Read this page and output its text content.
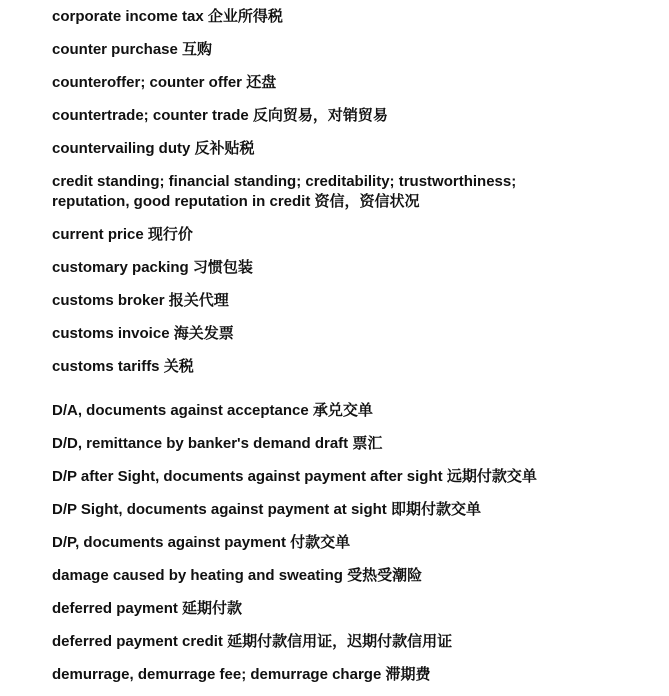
corporate income tax 企业所得税

counter purchase 互购

counteroffer; counter offer 还盘

countertrade; counter trade 反向贸易，对销贸易

countervailing duty 反补贴税

credit standing; financial standing; creditability; trustworthiness; reputation, good reputation in credit 资信，资信状况

current price 现行价

customary packing 习惯包装

customs broker 报关代理

customs invoice 海关发票

customs tariffs 关税

D/A, documents against acceptance 承兑交单

D/D, remittance by banker's demand draft 票汇

D/P after Sight, documents against payment after sight 远期付款交单

D/P Sight, documents against payment at sight 即期付款交单

D/P, documents against payment 付款交单

damage caused by heating and sweating 受热受潮险

deferred payment 延期付款

deferred payment credit 延期付款信用证，迟期付款信用证

demurrage, demurrage fee; demurrage charge 滞期费
